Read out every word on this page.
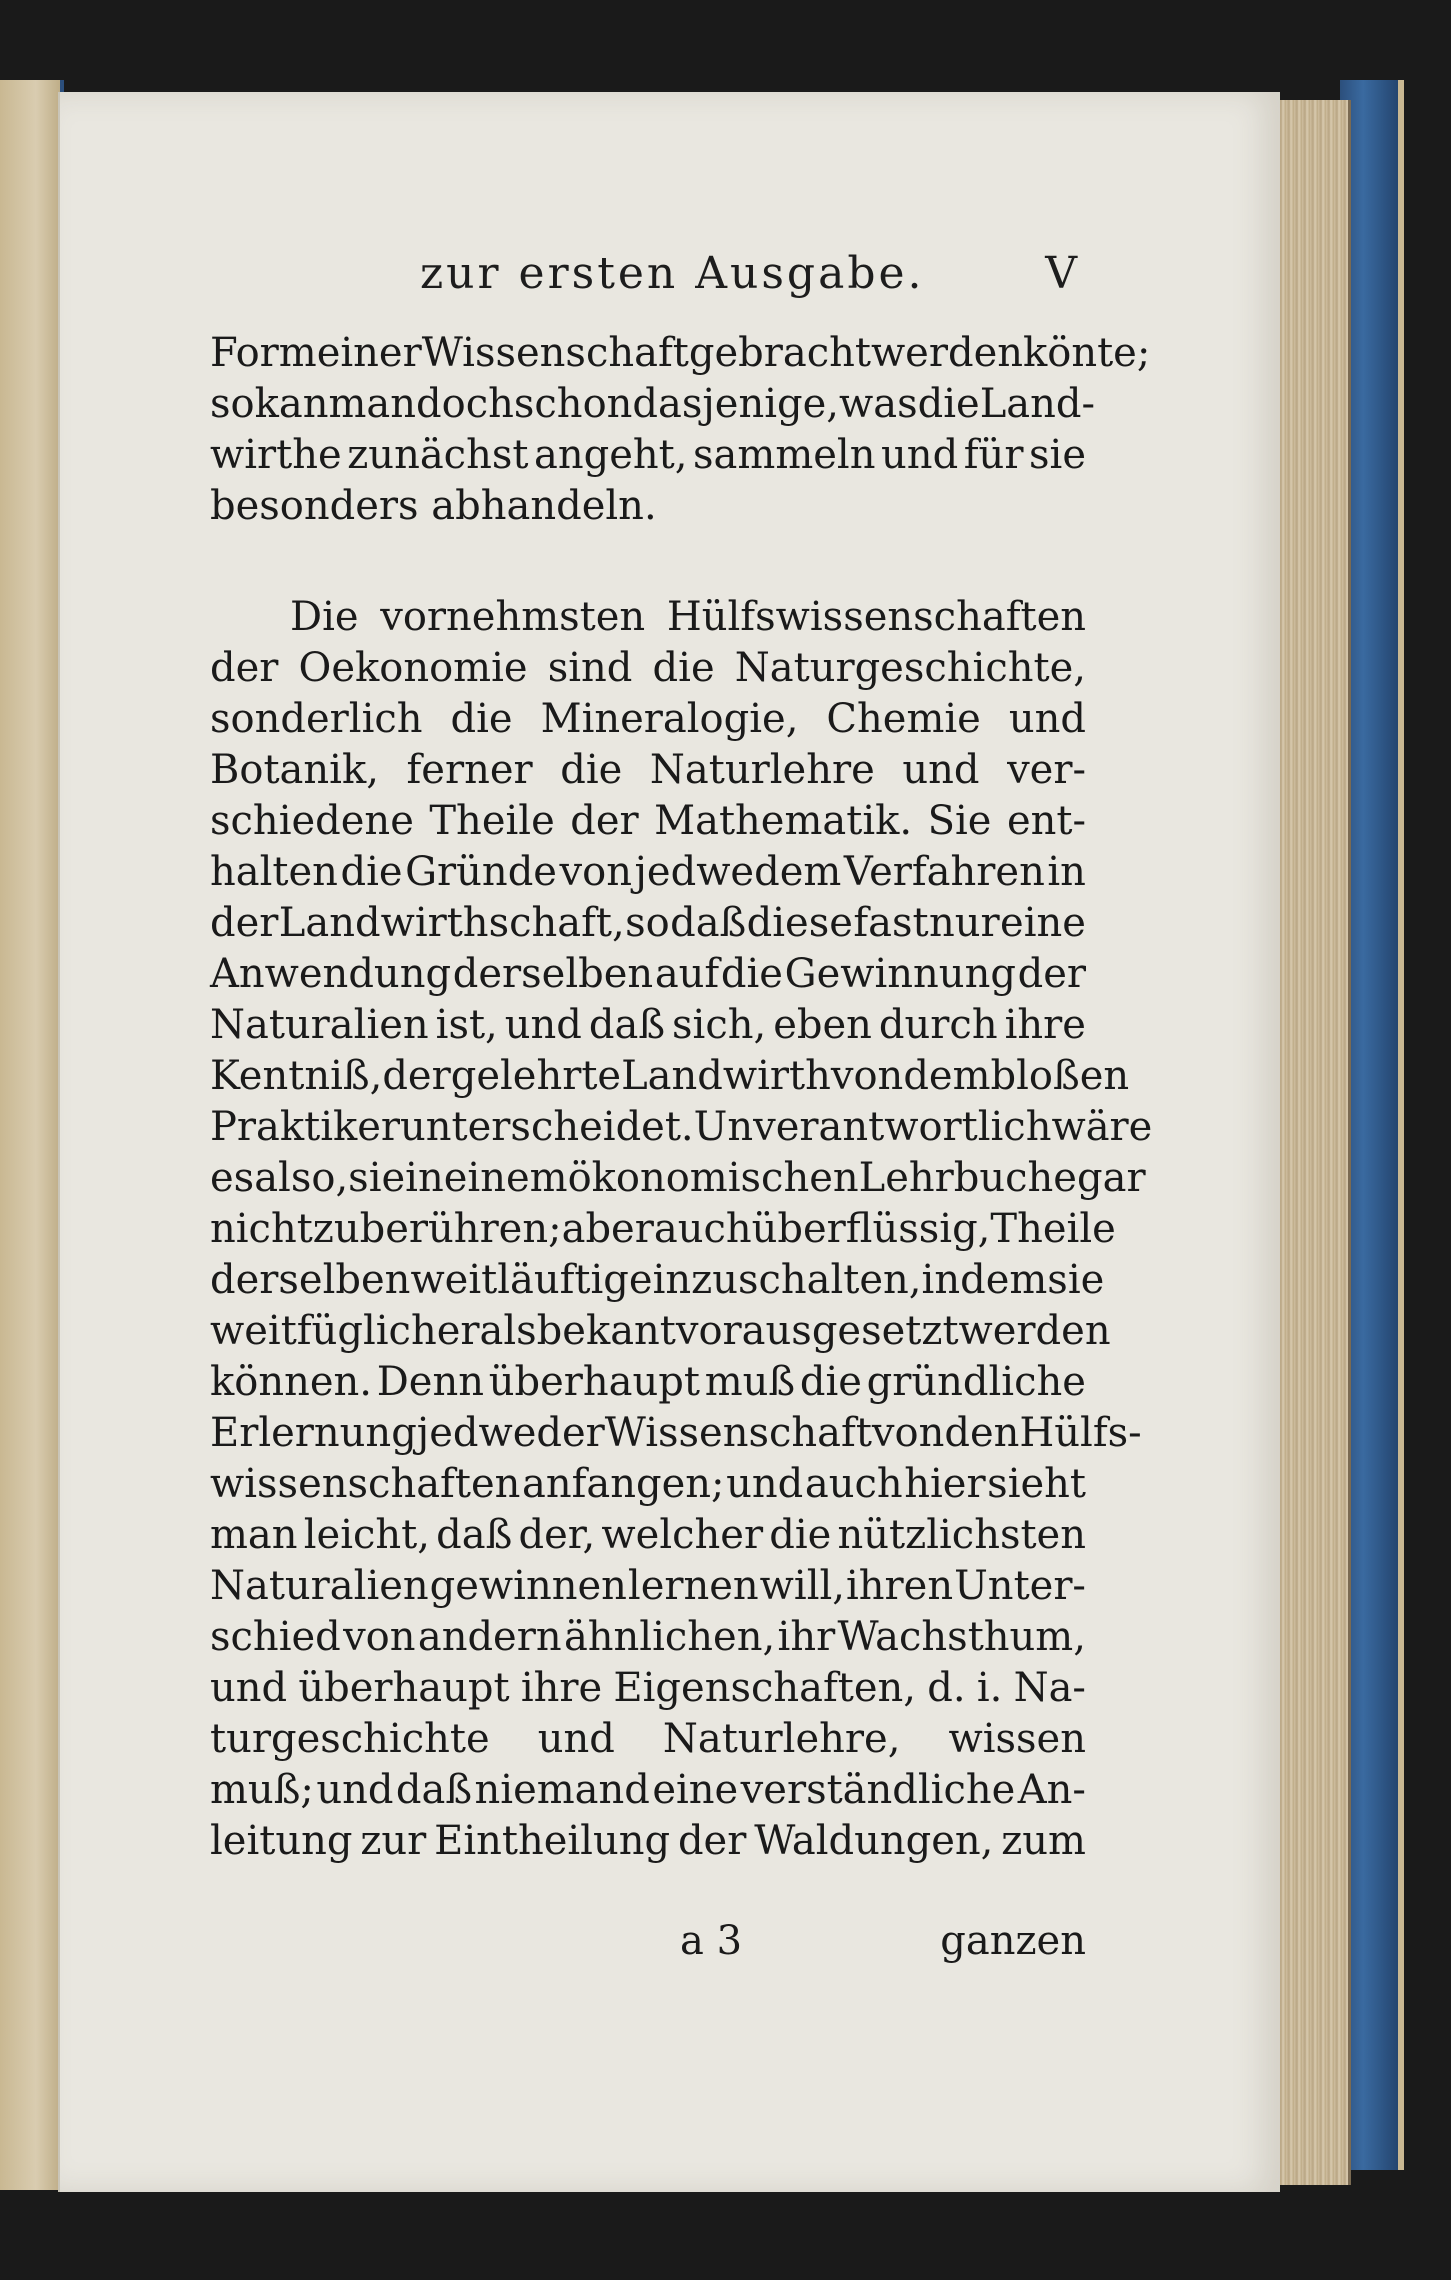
zur ersten Ausgabe.	V
Form einer Wissenschaft gebracht werden könte;
so kan man doch schon dasjenige, was die Land-
wirthe zunächst angeht, sammeln und für sie
besonders abhandeln.
Die vornehmsten Hülfswissenschaften
der Oekonomie sind die Naturgeschichte,
sonderlich die Mineralogie, Chemie und
Botanik, ferner die Naturlehre und ver-
schiedene Theile der Mathematik. Sie ent-
halten die Gründe von jedwedem Verfahren in
der Landwirthschaft, so daß diese fast nur eine
Anwendung derselben auf die Gewinnung der
Naturalien ist, und daß sich, eben durch ihre
Kentniß, der gelehrte Landwirth von dem bloßen
Praktiker unterscheidet. Unverantwortlich wäre
es also, sie in einem ökonomischen Lehrbuche gar
nicht zu berühren; aber auch überflüssig, Theile
derselben weitläuftig einzuschalten, indem sie
weit füglicher als bekant vorausgesetzt werden
können. Denn überhaupt muß die gründliche
Erlernung jedweder Wissenschaft von den Hülfs-
wissenschaften anfangen; und auch hier sieht
man leicht, daß der, welcher die nützlichsten
Naturalien gewinnen lernen will, ihren Unter-
schied von andern ähnlichen, ihr Wachsthum,
und überhaupt ihre Eigenschaften, d. i. Na-
turgeschichte und Naturlehre, wissen
muß; und daß niemand eine verständliche An-
leitung zur Eintheilung der Waldungen, zum
a 3	ganzen
